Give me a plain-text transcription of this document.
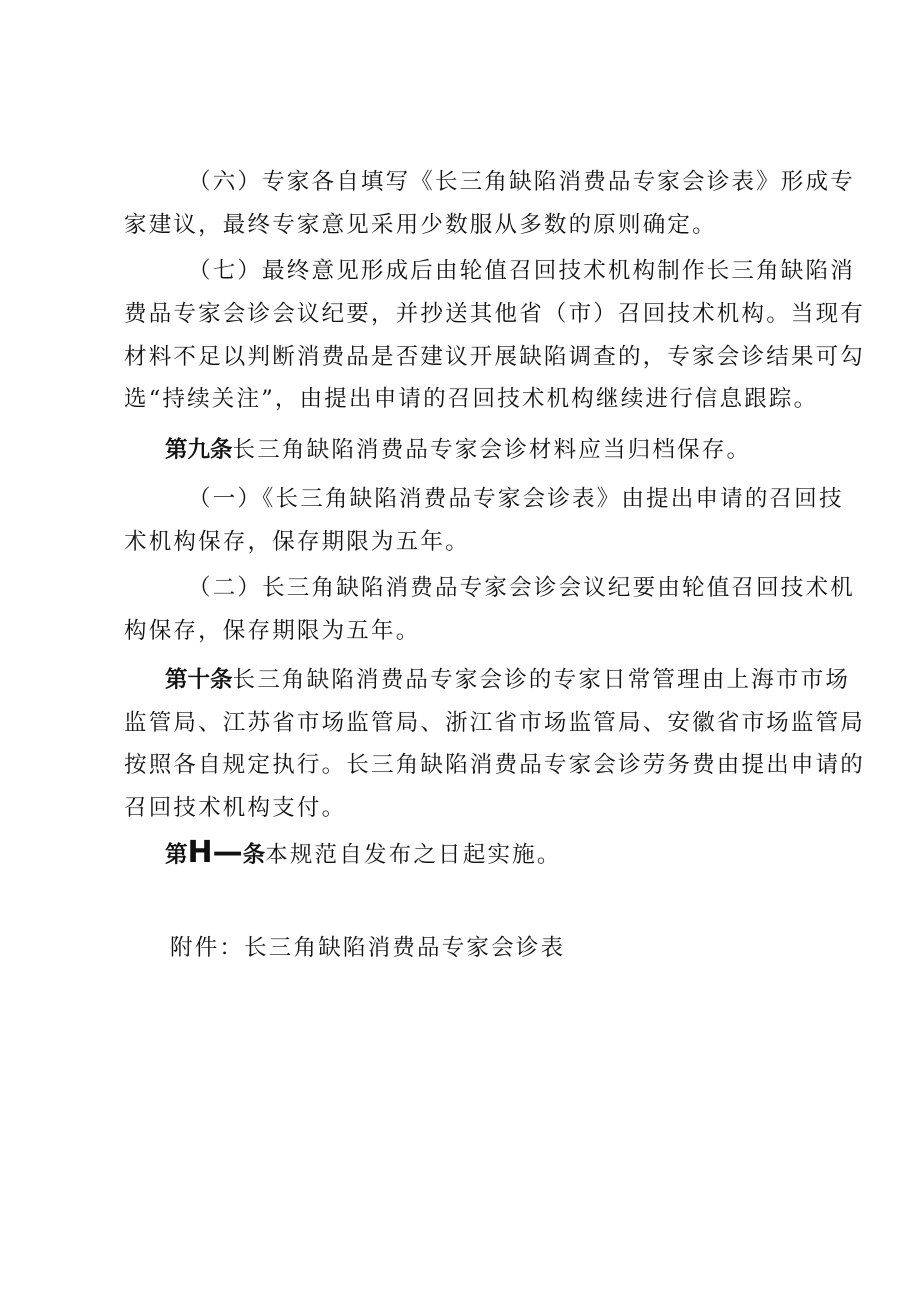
（六）专家各自填写《长三角缺陷消费品专家会诊表》形成专
家建议，最终专家意见采用少数服从多数的原则确定。
（七）最终意见形成后由轮值召回技术机构制作长三角缺陷消
费品专家会诊会议纪要，并抄送其他省（市）召回技术机构。当现有
材料不足以判断消费品是否建议开展缺陷调查的，专家会诊结果可勾
选“持续关注”，由提出申请的召回技术机构继续进行信息跟踪。
第九条长三角缺陷消费品专家会诊材料应当归档保存。
（一）《长三角缺陷消费品专家会诊表》由提出申请的召回技
术机构保存，保存期限为五年。
（二）长三角缺陷消费品专家会诊会议纪要由轮值召回技术机
构保存，保存期限为五年。
第十条长三角缺陷消费品专家会诊的专家日常管理由上海市市场
监管局、江苏省市场监管局、浙江省市场监管局、安徽省市场监管局
按照各自规定执行。长三角缺陷消费品专家会诊劳务费由提出申请的
召回技术机构支付。
第H—条本规范自发布之日起实施。
附件：长三角缺陷消费品专家会诊表
